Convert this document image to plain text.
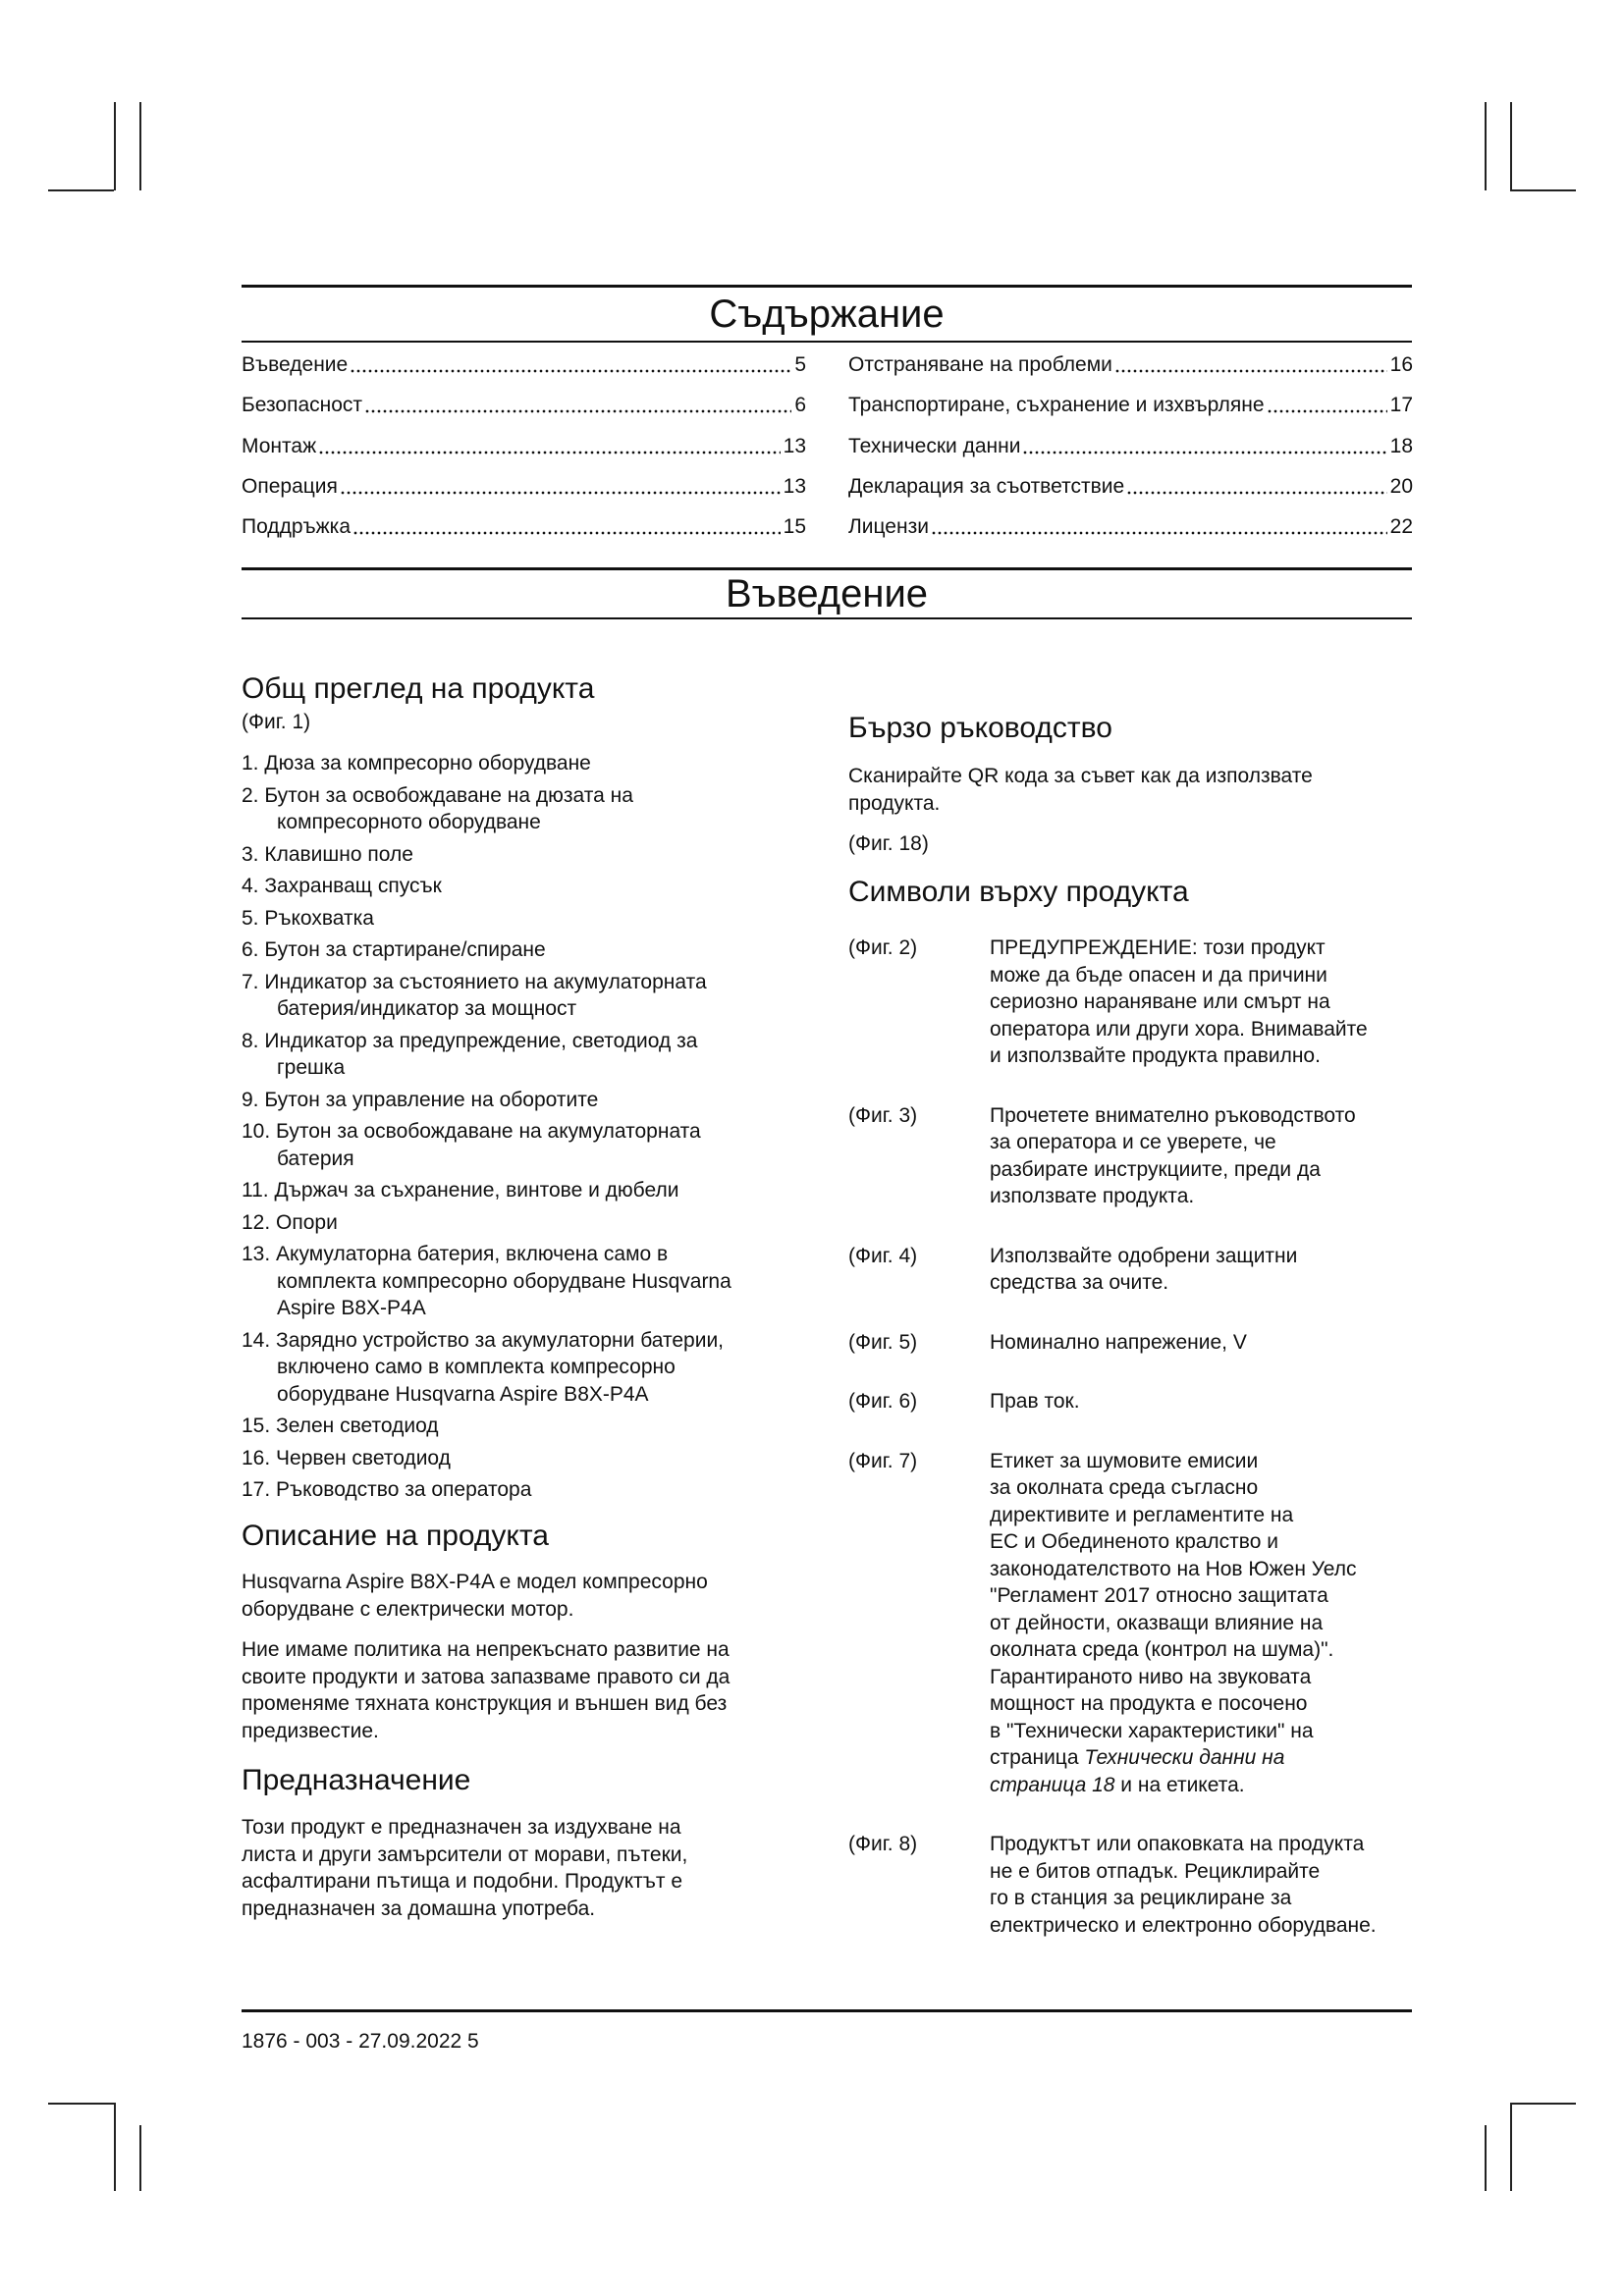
Съдържание
Въведение	5
Безопасност	6
Монтаж	13
Операция	13
Поддръжка	15
Отстраняване на проблеми	16
Транспортиране, съхранение и изхвърляне	17
Технически данни	18
Декларация за съответствие	20
Лицензи	22
Въведение
Общ преглед на продукта
(Фиг. 1)
1. Дюза за компресорно оборудване
2. Бутон за освобождаване на дюзата на
компресорното оборудване
3. Клавишно поле
4. Захранващ спусък
5. Ръкохватка
6. Бутон за стартиране/спиране
7. Индикатор за състоянието на акумулаторната
батерия/индикатор за мощност
8. Индикатор за предупреждение, светодиод за
грешка
9. Бутон за управление на оборотите
10. Бутон за освобождаване на акумулаторната
батерия
11. Държач за съхранение, винтове и дюбели
12. Опори
13. Акумулаторна батерия, включена само в
комплекта компресорно оборудване Husqvarna
Aspire B8X-P4A
14. Зарядно устройство за акумулаторни батерии,
включено само в комплекта компресорно
оборудване Husqvarna Aspire B8X-P4A
15. Зелен светодиод
16. Червен светодиод
17. Ръководство за оператора
Описание на продукта
Husqvarna Aspire B8X-P4A е модел компресорно
оборудване с електрически мотор.
Ние имаме политика на непрекъснато развитие на
своите продукти и затова запазваме правото си да
променяме тяхната конструкция и външен вид без
предизвестие.
Предназначение
Този продукт е предназначен за издухване на
листа и други замърсители от морави, пътеки,
асфалтирани пътища и подобни. Продуктът е
предназначен за домашна употреба.
Бързо ръководство
Сканирайте QR кода за съвет как да използвате
продукта.
(Фиг. 18)
Символи върху продукта
(Фиг. 2)	ПРЕДУПРЕЖДЕНИЕ: този продукт
може да бъде опасен и да причини
сериозно нараняване или смърт на
оператора или други хора. Внимавайте
и използвайте продукта правилно.
(Фиг. 3)	Прочетете внимателно ръководството
за оператора и се уверете, че
разбирате инструкциите, преди да
използвате продукта.
(Фиг. 4)	Използвайте одобрени защитни
средства за очите.
(Фиг. 5)	Номинално напрежение, V
(Фиг. 6)	Прав ток.
(Фиг. 7)	Етикет за шумовите емисии
за околната среда съгласно
директивите и регламентите на
ЕС и Обединеното кралство и
законодателството на Нов Южен Уелс
"Регламент 2017 относно защитата
от дейности, оказващи влияние на
околната среда (контрол на шума)".
Гарантираното ниво на звуковата
мощност на продукта е посочено
в "Технически характеристики" на
страница Технически данни на
страница 18 и на етикета.
(Фиг. 8)	Продуктът или опаковката на продукта
не е битов отпадък. Рециклирайте
го в станция за рециклиране за
електрическо и електронно оборудване.
1876 - 003 - 27.09.2022 5
